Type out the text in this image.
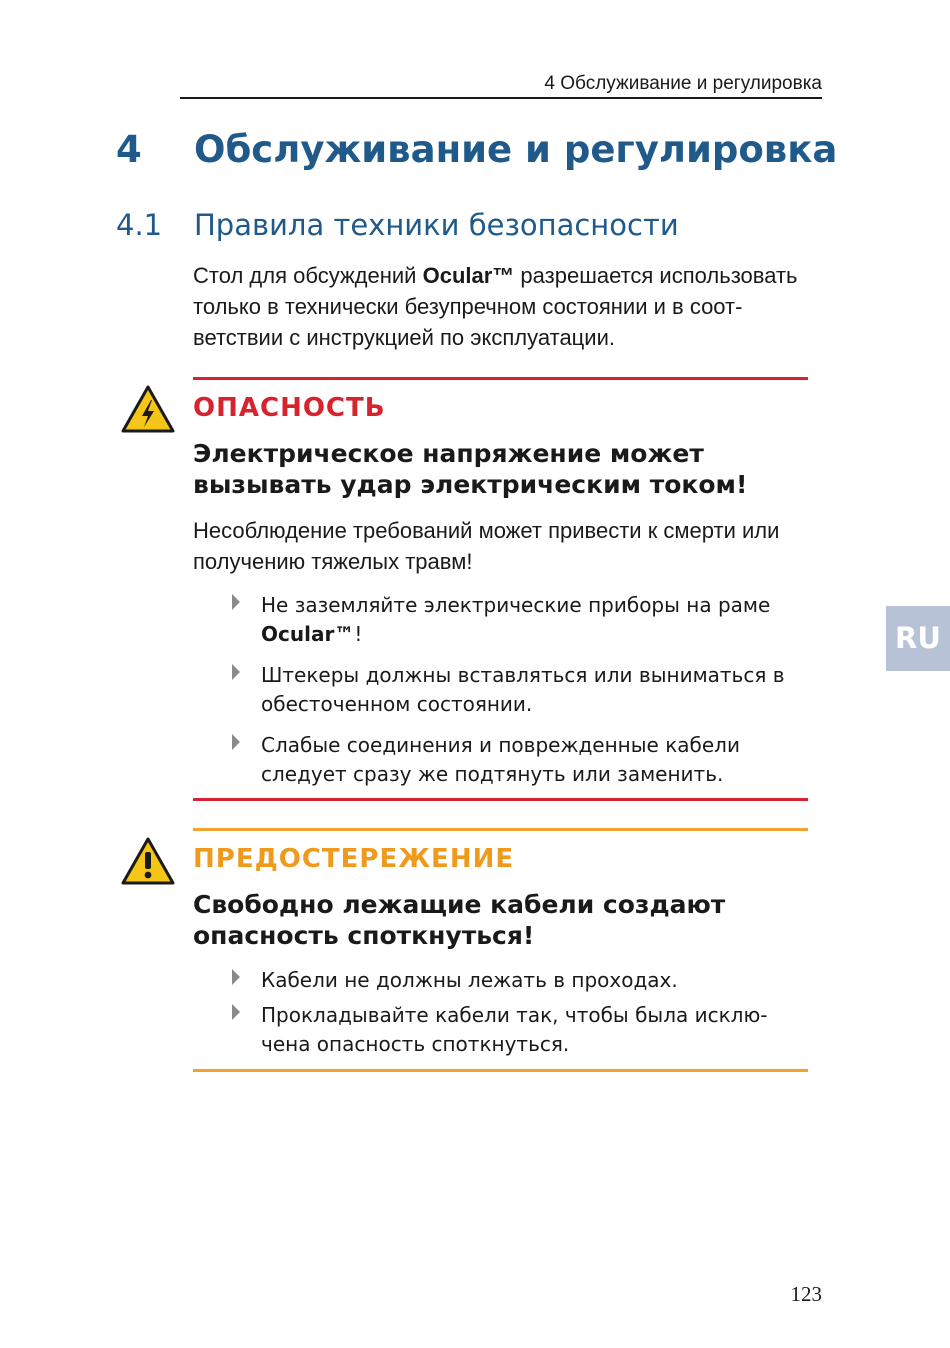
4 Обслуживание и регулировка
4 Обслуживание и регулировка
4.1 Правила техники безопасности
Стол для обсуждений Ocular™ разрешается использовать только в технически безупречном состоянии и в соот-ветствии с инструкцией по эксплуатации.
ОПАСНОСТЬ
Электрическое напряжение может вызывать удар электрическим током!
Несоблюдение требований может привести к смерти или получению тяжелых травм!
Не заземляйте электрические приборы на раме Ocular™!
Штекеры должны вставляться или выниматься в обесточенном состоянии.
Слабые соединения и поврежденные кабели следует сразу же подтянуть или заменить.
ПРЕДОСТЕРЕЖЕНИЕ
Свободно лежащие кабели создают опасность споткнуться!
Кабели не должны лежать в проходах.
Прокладывайте кабели так, чтобы была исклю-чена опасность споткнуться.
RU
123
